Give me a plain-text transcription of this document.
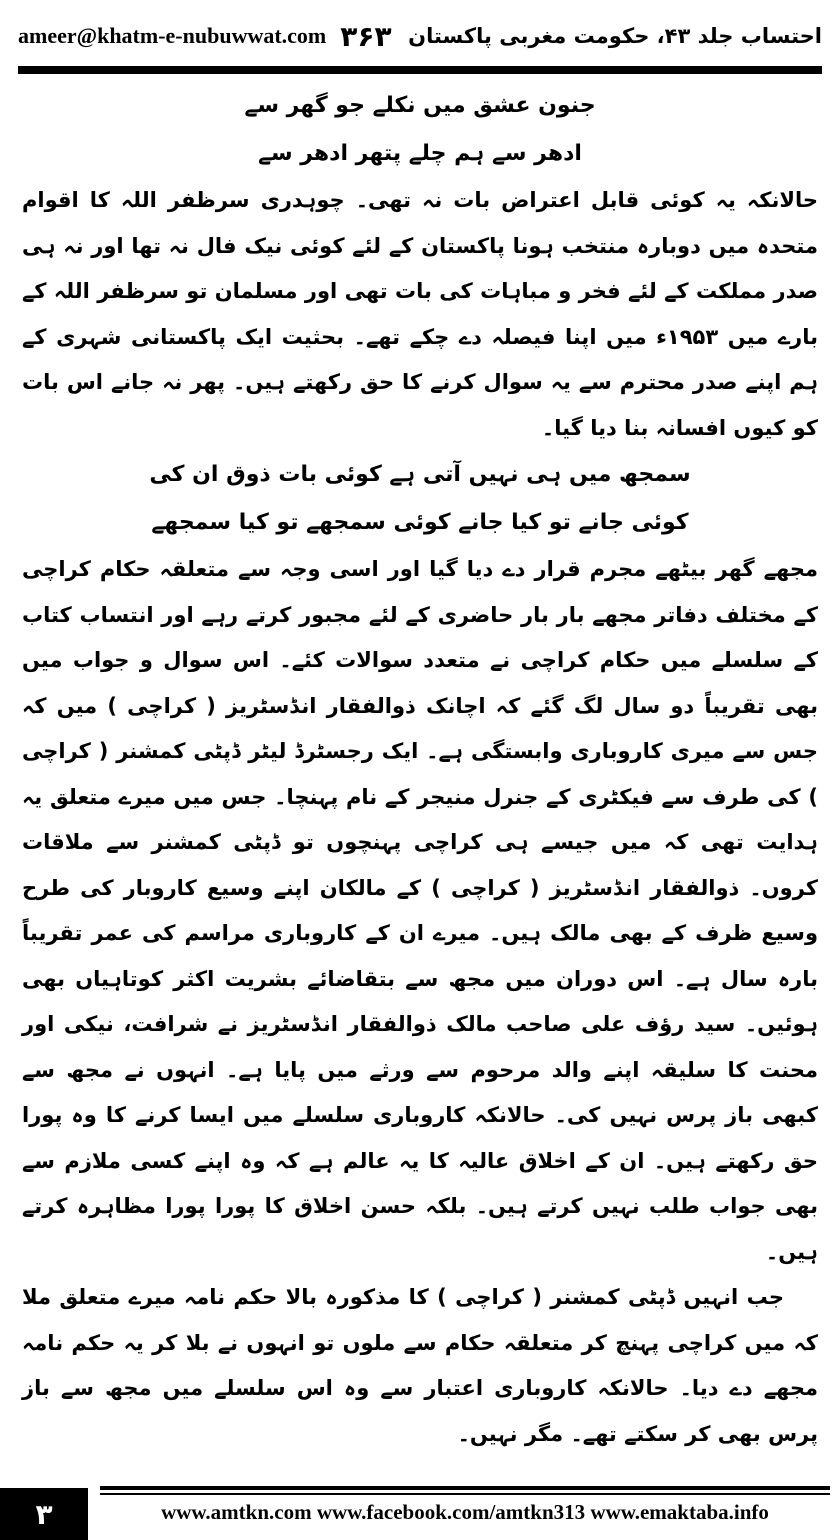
ameer@khatm-e-nubuwwat.com ۳۶۳ احتساب جلد ۴۳، حکومت مغربی پاکستان
جنون عشق میں نکلے جو گھر سے
ادھر سے ہم چلے پتھر ادھر سے

حالانکہ یہ کوئی قابل اعتراض بات نہ تھی۔ چوہدری سرظفر اللہ کا اقوام متحدہ میں دوبارہ منتخب ہونا پاکستان کے لئے کوئی نیک فال نہ تھا اور نہ ہی صدر مملکت کے لئے فخر و مباہات کی بات تھی اور مسلمان تو سرظفر اللہ کے بارے میں ۱۹۵۳ء میں اپنا فیصلہ دے چکے تھے۔ بحثیت ایک پاکستانی شہری کے ہم اپنے صدر محترم سے یہ سوال کرنے کا حق رکھتے ہیں۔ پھر نہ جانے اس بات کو کیوں افسانہ بنا دیا گیا۔

سمجھ میں ہی نہیں آتی ہے کوئی بات ذوق ان کی
کوئی جانے تو کیا جانے کوئی سمجھے تو کیا سمجھے

مجھے گھر بیٹھے مجرم قرار دے دیا گیا اور اسی وجہ سے متعلقہ حکام کراچی کے مختلف دفاتر مجھے بار بار حاضری کے لئے مجبور کرتے رہے اور انتساب کتاب کے سلسلے میں حکام کراچی نے متعدد سوالات کئے۔ اس سوال و جواب میں بھی تقریباً دو سال لگ گئے کہ اچانک ذوالفقار انڈسٹریز ( کراچی ) میں کہ جس سے میری کاروباری وابستگی ہے۔ ایک رجسٹرڈ لیٹر ڈپٹی کمشنر ( کراچی ) کی طرف سے فیکٹری کے جنرل منیجر کے نام پہنچا۔ جس میں میرے متعلق یہ ہدایت تھی کہ میں جیسے ہی کراچی پہنچوں تو ڈپٹی کمشنر سے ملاقات کروں۔ ذوالفقار انڈسٹریز ( کراچی ) کے مالکان اپنے وسیع کاروبار کی طرح وسیع ظرف کے بھی مالک ہیں۔ میرے ان کے کاروباری مراسم کی عمر تقریباً بارہ سال ہے۔ اس دوران میں مجھ سے بتقاضائے بشریت اکثر کوتاہیاں بھی ہوئیں۔ سید رؤف علی صاحب مالک ذوالفقار انڈسٹریز نے شرافت، نیکی اور محنت کا سلیقہ اپنے والد مرحوم سے ورثے میں پایا ہے۔ انہوں نے مجھ سے کبھی باز پرس نہیں کی۔ حالانکہ کاروباری سلسلے میں ایسا کرنے کا وہ پورا حق رکھتے ہیں۔ ان کے اخلاق عالیہ کا یہ عالم ہے کہ وہ اپنے کسی ملازم سے بھی جواب طلب نہیں کرتے ہیں۔ بلکہ حسن اخلاق کا پورا پورا مظاہرہ کرتے ہیں۔

جب انہیں ڈپٹی کمشنر ( کراچی ) کا مذکورہ بالا حکم نامہ میرے متعلق ملا کہ میں کراچی پہنچ کر متعلقہ حکام سے ملوں تو انہوں نے بلا کر یہ حکم نامہ مجھے دے دیا۔ حالانکہ کاروباری اعتبار سے وہ اس سلسلے میں مجھ سے باز پرس بھی کر سکتے تھے۔ مگر نہیں۔

۳	www.amtkn.com www.facebook.com/amtkn313 www.emaktaba.info
